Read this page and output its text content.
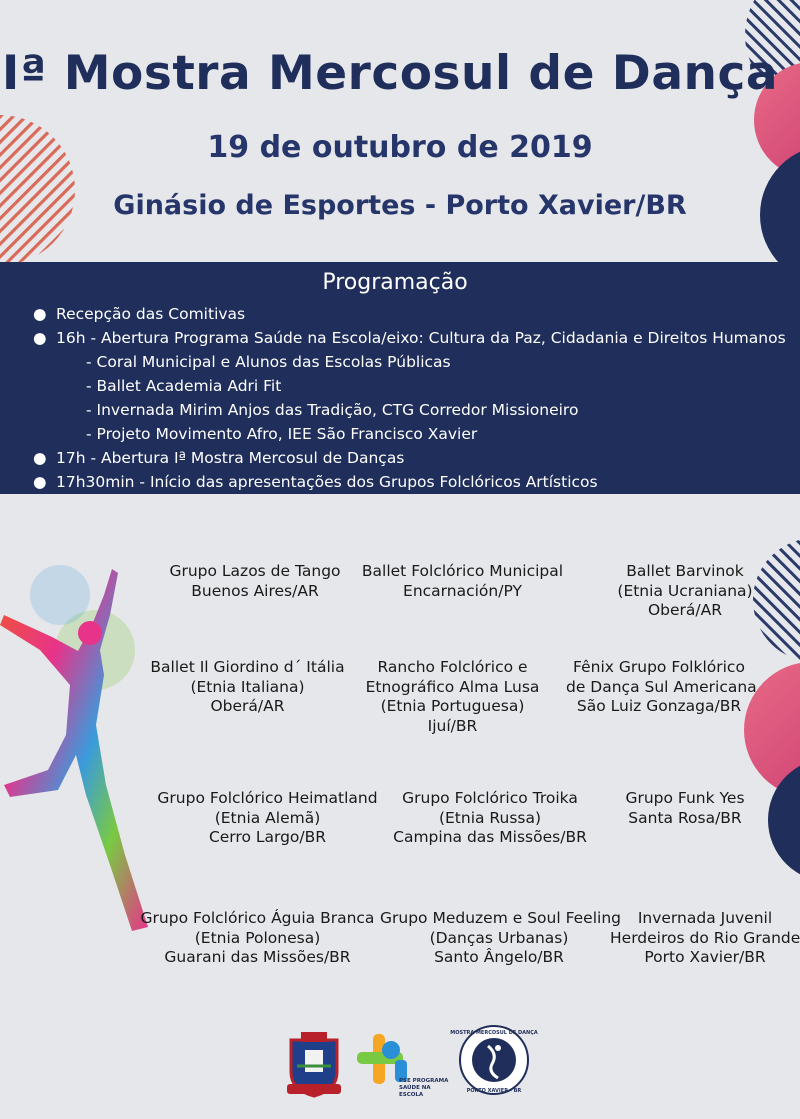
Iª Mostra Mercosul de Dança
19 de outubro de 2019
Ginásio de Esportes - Porto Xavier/BR
Programação
● Recepção das Comitivas
● 16h - Abertura Programa Saúde na Escola/eixo: Cultura da Paz, Cidadania e Direitos Humanos
- Coral Municipal e Alunos das Escolas Públicas
- Ballet Academia Adri Fit
- Invernada Mirim Anjos das Tradição, CTG Corredor Missioneiro
- Projeto Movimento Afro, IEE São Francisco Xavier
● 17h - Abertura Iª Mostra Mercosul de Danças
● 17h30min - Início das apresentações dos Grupos Folclóricos Artísticos
Grupo Lazos de Tango
Buenos Aires/AR
Ballet Folclórico Municipal
Encarnación/PY
Ballet Barvinok
(Etnia Ucraniana)
Oberá/AR
Ballet Il Giordino d´ Itália
(Etnia Italiana)
Oberá/AR
Rancho Folclórico e
Etnográfico Alma Lusa
(Etnia Portuguesa)
Ijuí/BR
Fênix Grupo Folklórico
de Dança Sul Americana
São Luiz Gonzaga/BR
Grupo Folclórico Heimatland
(Etnia Alemã)
Cerro Largo/BR
Grupo Folclórico Troika
(Etnia Russa)
Campina das Missões/BR
Grupo Funk Yes
Santa Rosa/BR
Grupo Folclórico Águia Branca
(Etnia Polonesa)
Guarani das Missões/BR
Grupo Meduzem e Soul Feeling
(Danças Urbanas)
Santo Ângelo/BR
Invernada Juvenil
Herdeiros do Rio Grande
Porto Xavier/BR
PSE PROGRAMA
SAÚDE NA
ESCOLA
MOSTRA MERCOSUL DE DANÇA
PORTO XAVIER - BR
